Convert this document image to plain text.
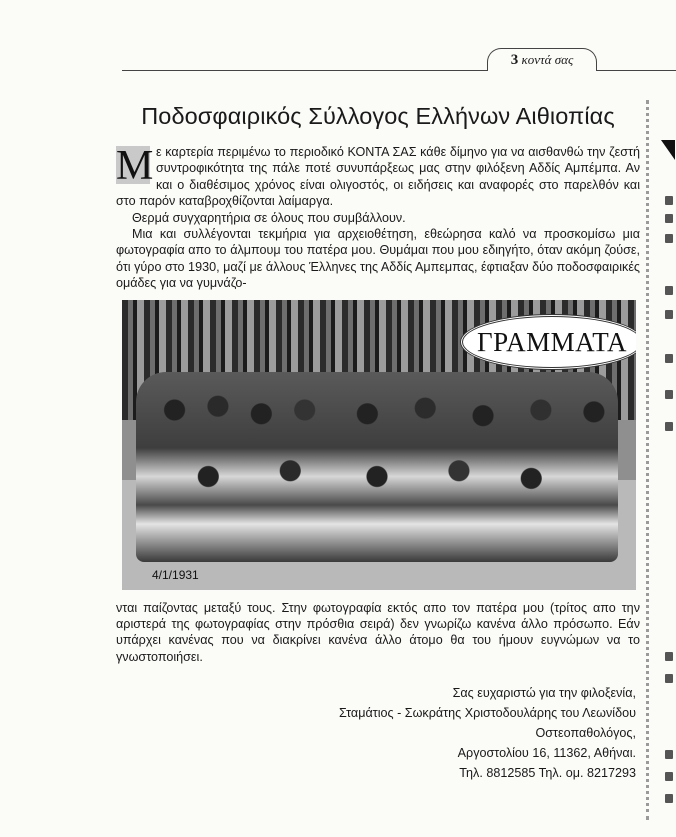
3 κοντά σας
Ποδοσφαιρικός Σύλλογος Ελλήνων Αιθιοπίας

Μ ε καρτερία περιμένω το περιοδικό ΚΟΝΤΑ ΣΑΣ κάθε δίμηνο για να αισθανθώ την ζεστή συντροφικότητα της πάλε ποτέ συνυπάρξεως μας στην φιλόξενη Αδδίς Αμπέμπα. Αν και ο διαθέσιμος χρόνος είναι ολιγοστός, οι ειδήσεις και αναφορές στο παρελθόν και στο παρόν καταβροχθίζονται λαίμαργα.

Θερμά συγχαρητήρια σε όλους που συμβάλλουν.

Μια και συλλέγονται τεκμήρια για αρχειοθέτηση, εθεώρησα καλό να προσκομίσω μια φωτογραφία απο το άλμπουμ του πατέρα μου. Θυμάμαι που μου εδιηγήτο, όταν ακόμη ζούσε, ότι γύρο στο 1930, μαζί με άλλους Έλληνες της Αδδίς Αμπεμπας, έφτιαξαν δύο ποδοσφαιρικές ομάδες για να γυμνάζο-

ΓΡΑΜΜΑΤΑ
4/1/1931

νται παίζοντας μεταξύ τους. Στην φωτογραφία εκτός απο τον πατέρα μου (τρίτος απο την αριστερά της φωτογραφίας στην πρόσθια σειρά) δεν γνωρίζω κανένα άλλο πρόσωπο. Εάν υπάρχει κανένας που να διακρίνει κανένα άλλο άτομο θα του ήμουν ευγνώμων να το γνωστοποιήσει.

Σας ευχαριστώ για την φιλοξενία,
Σταμάτιος - Σωκράτης Χριστοδουλάρης του Λεωνίδου
Οστεοπαθολόγος,
Αργοστολίου 16, 11362, Αθήναι.
Τηλ. 8812585 Τηλ. ομ. 8217293
